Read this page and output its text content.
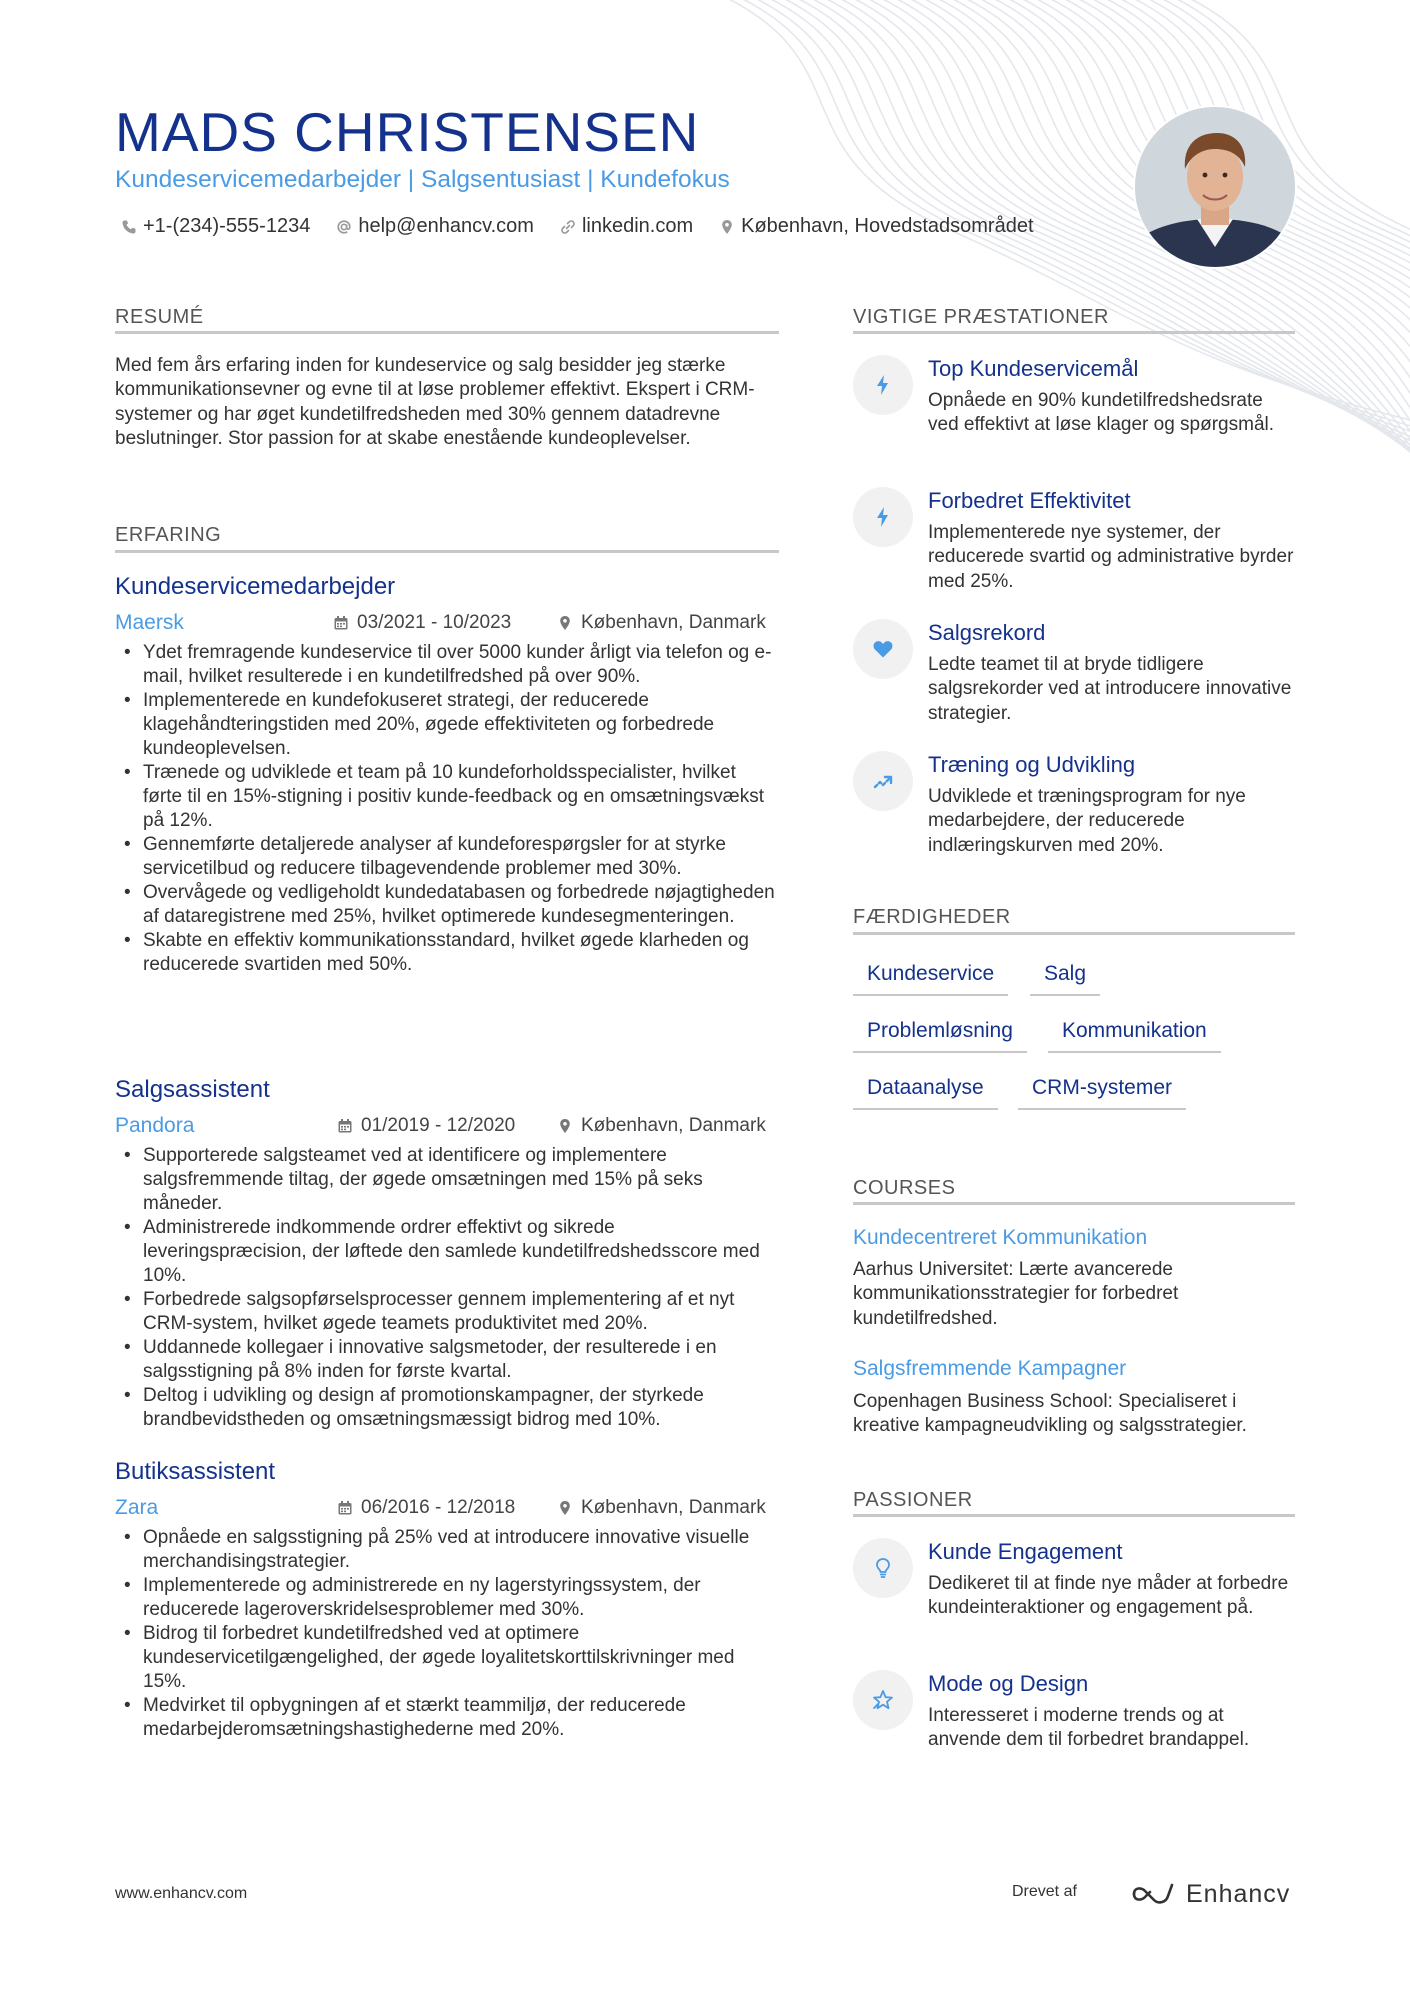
MADS CHRISTENSEN
Kundeservicemedarbejder | Salgsentusiast | Kundefokus
+1-(234)-555-1234 help@enhancv.com linkedin.com København, Hovedstadsområdet
RESUMÉ
Med fem års erfaring inden for kundeservice og salg besidder jeg stærke kommunikationsevner og evne til at løse problemer effektivt. Ekspert i CRM-systemer og har øget kundetilfredsheden med 30% gennem datadrevne beslutninger. Stor passion for at skabe enestående kundeoplevelser.
ERFARING
Kundeservicemedarbejder
Maersk	03/2021 - 10/2023	København, Danmark
• Ydet fremragende kundeservice til over 5000 kunder årligt via telefon og e-mail, hvilket resulterede i en kundetilfredshed på over 90%.
• Implementerede en kundefokuseret strategi, der reducerede klagehåndteringstiden med 20%, øgede effektiviteten og forbedrede kundeoplevelsen.
• Trænede og udviklede et team på 10 kundeforholdsspecialister, hvilket førte til en 15%-stigning i positiv kunde-feedback og en omsætningsvækst på 12%.
• Gennemførte detaljerede analyser af kundeforespørgsler for at styrke servicetilbud og reducere tilbagevendende problemer med 30%.
• Overvågede og vedligeholdt kundedatabasen og forbedrede nøjagtigheden af dataregistrene med 25%, hvilket optimerede kundesegmenteringen.
• Skabte en effektiv kommunikationsstandard, hvilket øgede klarheden og reducerede svartiden med 50%.
Salgsassistent
Pandora	01/2019 - 12/2020	København, Danmark
• Supporterede salgsteamet ved at identificere og implementere salgsfremmende tiltag, der øgede omsætningen med 15% på seks måneder.
• Administrerede indkommende ordrer effektivt og sikrede leveringspræcision, der løftede den samlede kundetilfredshedsscore med 10%.
• Forbedrede salgsopførselsprocesser gennem implementering af et nyt CRM-system, hvilket øgede teamets produktivitet med 20%.
• Uddannede kollegaer i innovative salgsmetoder, der resulterede i en salgsstigning på 8% inden for første kvartal.
• Deltog i udvikling og design af promotionskampagner, der styrkede brandbevidstheden og omsætningsmæssigt bidrog med 10%.
Butiksassistent
Zara	06/2016 - 12/2018	København, Danmark
• Opnåede en salgsstigning på 25% ved at introducere innovative visuelle merchandisingstrategier.
• Implementerede og administrerede en ny lagerstyringssystem, der reducerede lageroverskridelsesproblemer med 30%.
• Bidrog til forbedret kundetilfredshed ved at optimere kundeservicetilgængelighed, der øgede loyalitetskorttilskrivninger med 15%.
• Medvirket til opbygningen af et stærkt teammiljø, der reducerede medarbejderomsætningshastighederne med 20%.
VIGTIGE PRÆSTATIONER
Top Kundeservicemål
Opnåede en 90% kundetilfredshedsrate ved effektivt at løse klager og spørgsmål.
Forbedret Effektivitet
Implementerede nye systemer, der reducerede svartid og administrative byrder med 25%.
Salgsrekord
Ledte teamet til at bryde tidligere salgsrekorder ved at introducere innovative strategier.
Træning og Udvikling
Udviklede et træningsprogram for nye medarbejdere, der reducerede indlæringskurven med 20%.
FÆRDIGHEDER
Kundeservice	Salg
Problemløsning	Kommunikation
Dataanalyse	CRM-systemer
COURSES
Kundecentreret Kommunikation
Aarhus Universitet: Lærte avancerede kommunikationsstrategier for forbedret kundetilfredshed.
Salgsfremmende Kampagner
Copenhagen Business School: Specialiseret i kreative kampagneudvikling og salgsstrategier.
PASSIONER
Kunde Engagement
Dedikeret til at finde nye måder at forbedre kundeinteraktioner og engagement på.
Mode og Design
Interesseret i moderne trends og at anvende dem til forbedret brandappel.
www.enhancv.com	Drevet af	Enhancv
